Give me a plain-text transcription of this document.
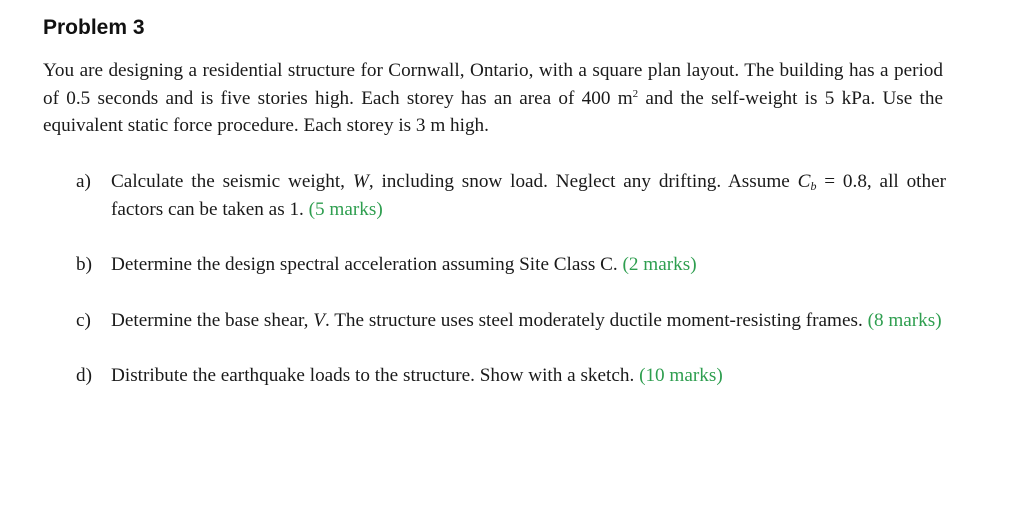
Problem 3

You are designing a residential structure for Cornwall, Ontario, with a square plan layout. The building has a period of 0.5 seconds and is five stories high. Each storey has an area of 400 $m^2$ and the self-weight is 5 kPa. Use the equivalent static force procedure. Each storey is 3 m high.

a) Calculate the seismic weight, W, including snow load. Neglect any drifting. Assume $C_b = 0.8$, all other factors can be taken as 1. (5 marks)
b) Determine the design spectral acceleration assuming Site Class C. (2 marks)
c) Determine the base shear, V. The structure uses steel moderately ductile moment-resisting frames. (8 marks)
d) Distribute the earthquake loads to the structure. Show with a sketch. (10 marks)
